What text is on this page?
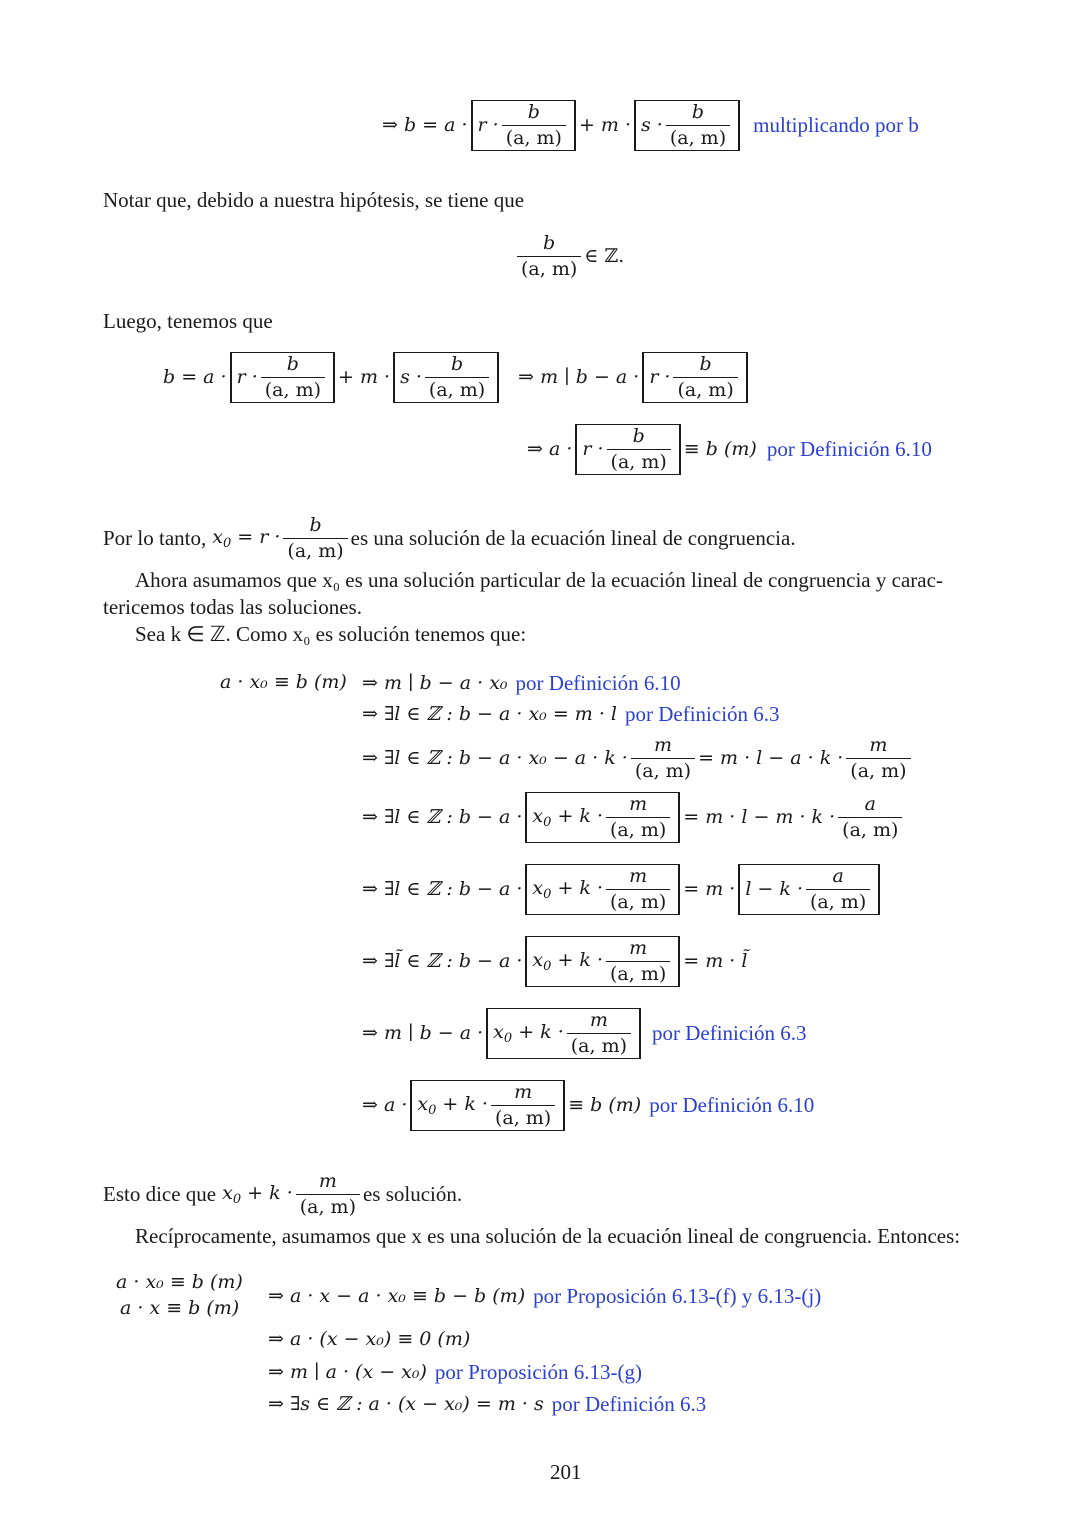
⇒ $b = a \cdot r \cdot \frac{b}{(a, m)} + m \cdot s \cdot \frac{b}{(a, m)}$ multiplicando por b
Notar que, debido a nuestra hipótesis, se tiene que
$\frac{b}{(a, m)}$ ∈ ℤ.
Luego, tenemos que
$b = a \cdot r \cdot \frac{b}{(a, m)} + m \cdot s \cdot \frac{b}{(a, m)}$ ⇒ m ∣ $b - a \cdot r \cdot \frac{b}{(a, m)}$
⇒ $a \cdot r \cdot \frac{b}{(a, m)} \equiv b$ (m) por Definición 6.10
Por lo tanto, $x_0 = r \cdot \frac{b}{(a, m)}$ es una solución de la ecuación lineal de congruencia.
Ahora asumamos que x₀ es una solución particular de la ecuación lineal de congruencia y carac-
tericemos todas las soluciones.
Sea k ∈ ℤ. Como x₀ es solución tenemos que:
a · x₀ ≡ b (m) ⇒ m ∣ b − a · x₀ por Definición 6.10
⇒ ∃l ∈ ℤ : b − a · x₀ = m · l por Definición 6.3
⇒ ∃l ∈ ℤ : $b - a \cdot x_0 - a \cdot k \cdot \frac{m}{(a, m)} = m \cdot l - a \cdot k \cdot \frac{m}{(a, m)}$
⇒ ∃l ∈ ℤ : $b - a \cdot x_0 + k \cdot \frac{m}{(a, m)} = m \cdot l - m \cdot k \cdot \frac{a}{(a, m)}$
⇒ ∃l ∈ ℤ : $b - a \cdot x_0 + k \cdot \frac{m}{(a, m)} = m \cdot l - k \cdot \frac{a}{(a, m)}$
⇒ ∃l̃ ∈ ℤ : $b - a \cdot x_0 + k \cdot \frac{m}{(a, m)} = m$ · l̃
⇒ m ∣ $b - a \cdot x_0 + k \cdot \frac{m}{(a, m)}$ por Definición 6.3
⇒ $a \cdot x_0 + k \cdot \frac{m}{(a, m)} \equiv b$ (m) por Definición 6.10
Esto dice que $x_0 + k \cdot \frac{m}{(a, m)}$ es solución.
Recíprocamente, asumamos que x es una solución de la ecuación lineal de congruencia. Entonces:
a · x₀ ≡ b (m)
a · x ≡ b (m)
⇒ a · x − a · x₀ ≡ b − b (m) por Proposición 6.13-(f) y 6.13-(j)
⇒ a · (x − x₀) ≡ 0 (m)
⇒ m ∣ a · (x − x₀) por Proposición 6.13-(g)
⇒ ∃s ∈ ℤ : a · (x − x₀) = m · s por Definición 6.3
201
